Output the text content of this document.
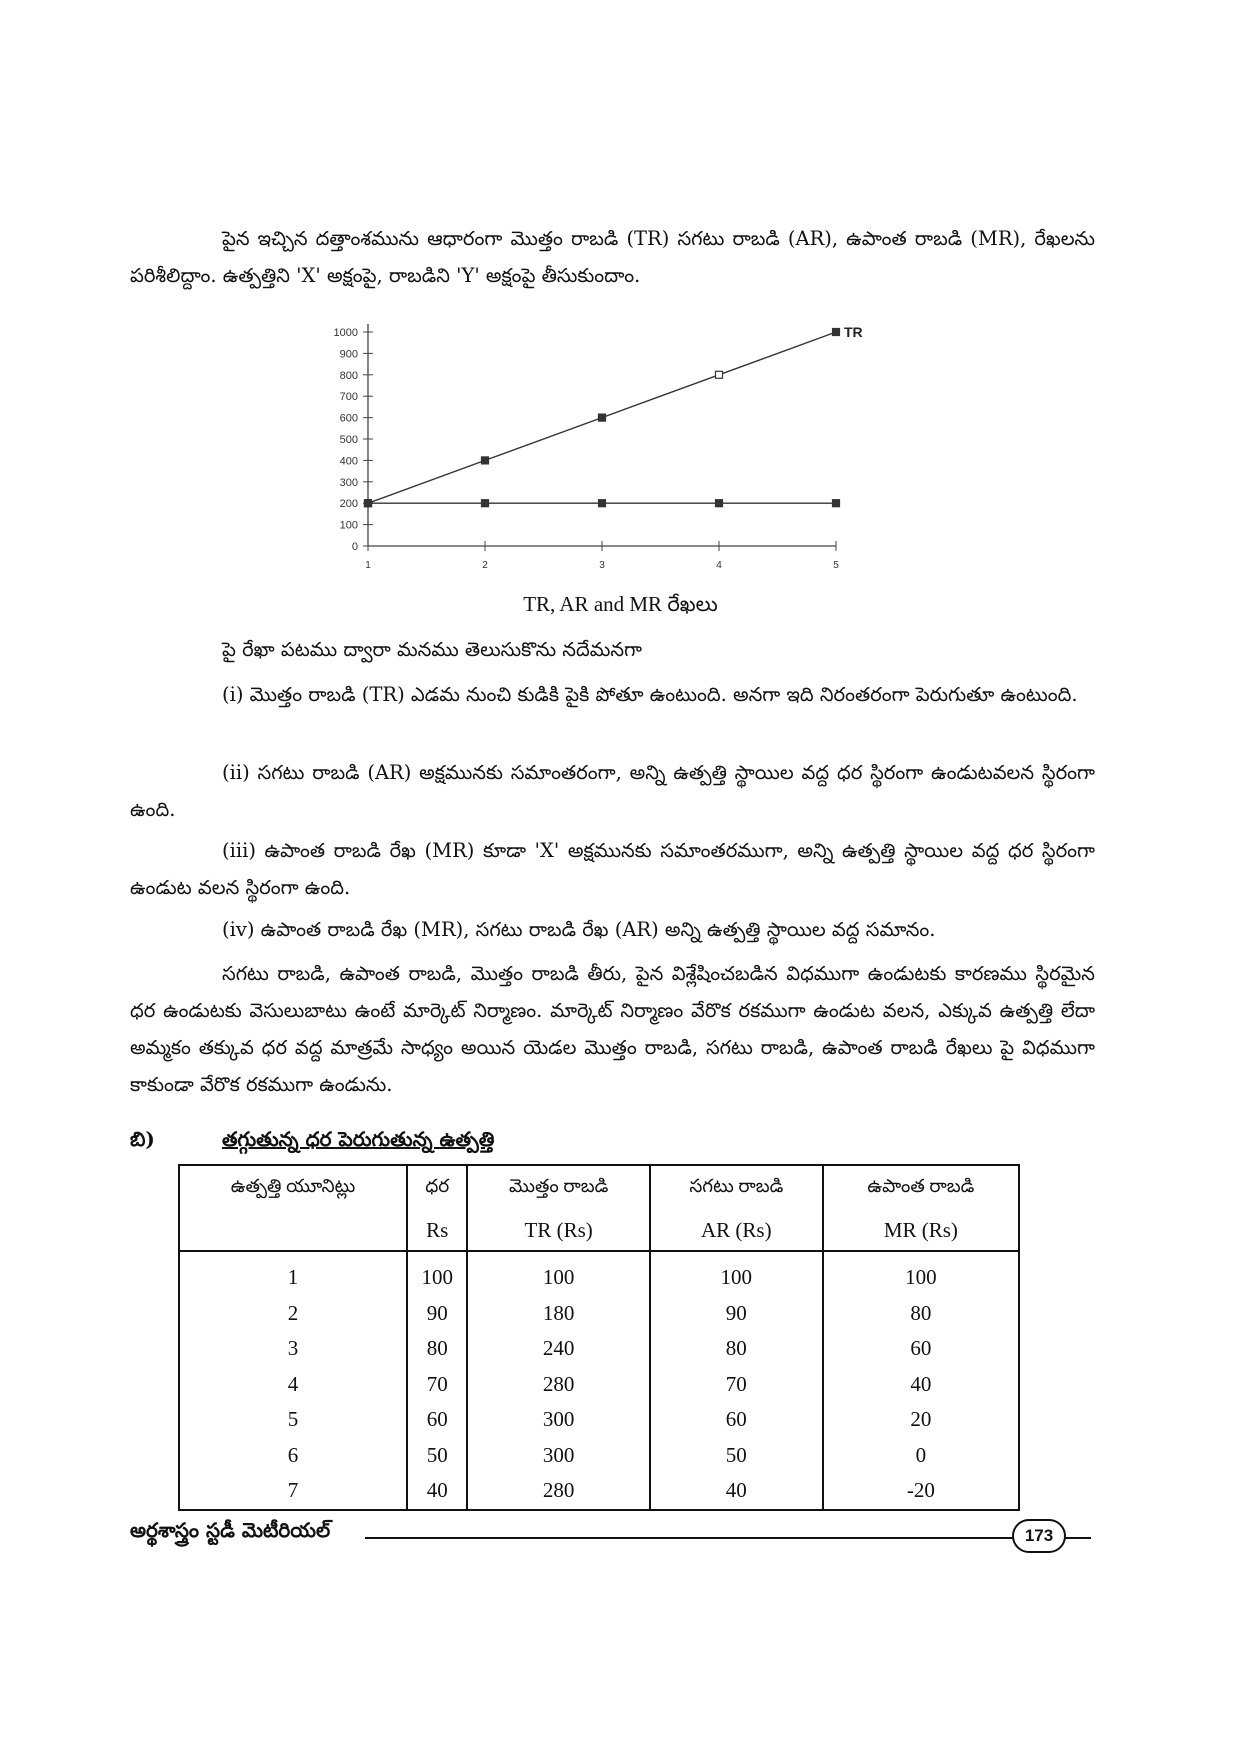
పైన ఇచ్చిన దత్తాంశమును ఆధారంగా మొత్తం రాబడి (TR) సగటు రాబడి (AR), ఉపాంత రాబడి (MR), రేఖలను పరిశీలిద్దాం. ఉత్పత్తిని 'X' అక్షంపై, రాబడిని 'Y' అక్షంపై తీసుకుందాం.

0
100
200
300
400
500
600
700
800
900
1000
1	2	3	4	5
TR

TR, AR and MR రేఖలు

పై రేఖా పటము ద్వారా మనము తెలుసుకొను నదేమనగా

(i) మొత్తం రాబడి (TR) ఎడమ నుంచి కుడికి పైకి పోతూ ఉంటుంది. అనగా ఇది నిరంతరంగా పెరుగుతూ ఉంటుంది.

(ii) సగటు రాబడి (AR) అక్షమునకు సమాంతరంగా, అన్ని ఉత్పత్తి స్థాయిల వద్ద ధర స్థిరంగా ఉండుటవలన స్థిరంగా ఉంది.

(iii) ఉపాంత రాబడి రేఖ (MR) కూడా 'X' అక్షమునకు సమాంతరముగా, అన్ని ఉత్పత్తి స్థాయిల వద్ద ధర స్థిరంగా ఉండుట వలన స్థిరంగా ఉంది.

(iv) ఉపాంత రాబడి రేఖ (MR), సగటు రాబడి రేఖ (AR) అన్ని ఉత్పత్తి స్థాయిల వద్ద సమానం.

సగటు రాబడి, ఉపాంత రాబడి, మొత్తం రాబడి తీరు, పైన విశ్లేషించబడిన విధముగా ఉండుటకు కారణము స్థిరమైన ధర ఉండుటకు వెసులుబాటు ఉంటే మార్కెట్ నిర్మాణం. మార్కెట్ నిర్మాణం వేరొక రకముగా ఉండుట వలన, ఎక్కువ ఉత్పత్తి లేదా అమ్మకం తక్కువ ధర వద్ద మాత్రమే సాధ్యం అయిన యెడల మొత్తం రాబడి, సగటు రాబడి, ఉపాంత రాబడి రేఖలు పై విధముగా కాకుండా వేరొక రకముగా ఉండును.

బి)	తగ్గుతున్న ధర పెరుగుతున్న ఉత్పత్తి

ఉత్పత్తి యూనిట్లు	ధర	మొత్తం రాబడి	సగటు రాబడి	ఉపాంత రాబడి
	Rs	TR (Rs)	AR (Rs)	MR (Rs)
1	100	100	100	100
2	90	180	90	80
3	80	240	80	60
4	70	280	70	40
5	60	300	60	20
6	50	300	50	0
7	40	280	40	-20

అర్థశాస్త్రం స్టడీ మెటీరియల్	173
